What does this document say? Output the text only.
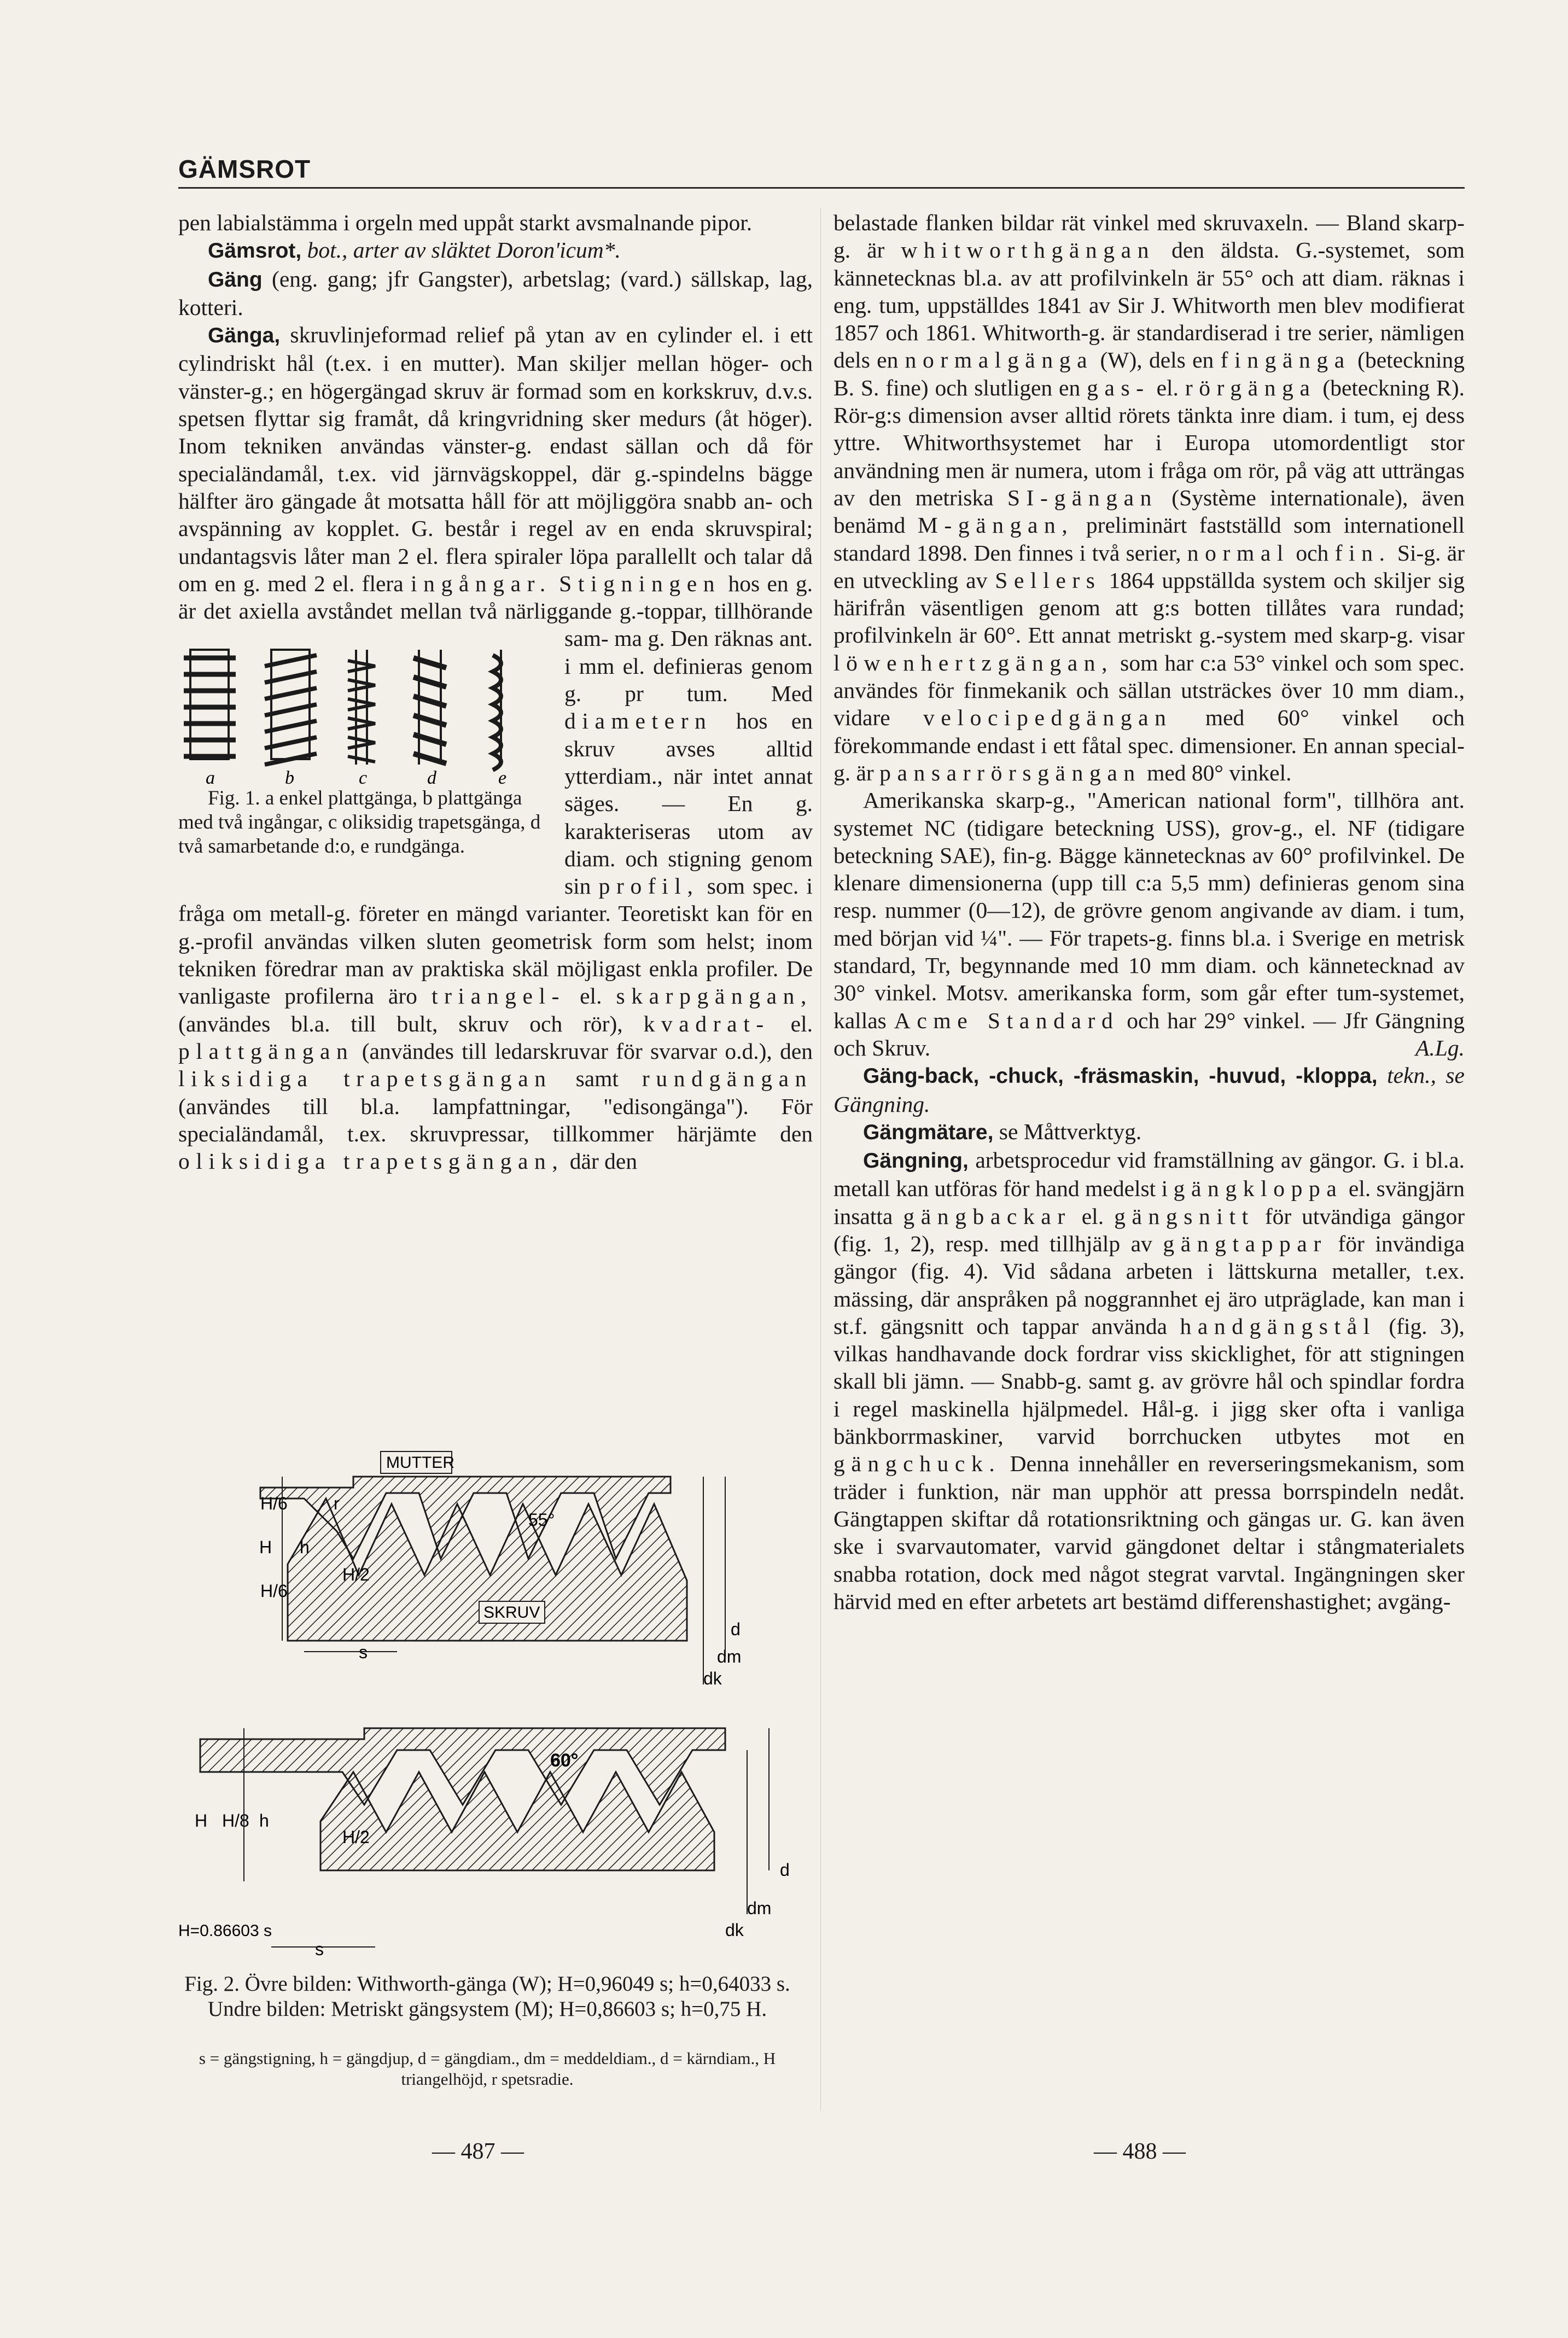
GÄMSROT

pen labialstämma i orgeln med uppåt starkt avsmalnande pipor.

Gämsrot, bot., arter av släktet Doron'icum*.

Gäng (eng. gang; jfr Gangster), arbetslag; (vard.) sällskap, lag, kotteri.

Gänga, skruvlinjeformad relief på ytan av en cylinder el. i ett cylindriskt hål (t.ex. i en mutter). Man skiljer mellan höger- och vänster-g.; en högergängad skruv är formad som en korkskruv, d.v.s. spetsen flyttar sig framåt, då kringvridning sker medurs (åt höger). Inom tekniken användas vänster-g. endast sällan och då för specialändamål, t.ex. vid järnvägskoppel, där g.-spindelns bägge hälfter äro gängade åt motsatta håll för att möjliggöra snabb an- och avspänning av kopplet. G. består i regel av en enda skruvspiral; undantagsvis låter man 2 el. flera spiraler löpa parallellt och talar då om en g. med 2 el. flera ingångar. Stigningen hos en g. är det axiella avståndet mellan två närliggande g.-toppar, tillhörande sam-
a	b	c	d	e
Fig. 1. a enkel plattgänga, b plattgänga med två ingångar, c oliksidig trapetsgänga, d två samarbetande d:o, e rundgänga.
ma g. Den räknas ant. i mm el. definieras genom g. pr tum. Med diametern hos en skruv avses alltid ytterdiam., när intet annat säges. — En g. karakteriseras utom av diam. och stigning genom sin profil, som spec. i fråga om metall-g. företer en mängd varianter. Teoretiskt kan för en g.-profil användas vilken sluten geometrisk form som helst; inom tekniken föredrar man av praktiska skäl möjligast enkla profiler. De vanligaste profilerna äro triangel- el. skarpgängan, (användes bl.a. till bult, skruv och rör), kvadrat- el. plattgängan (användes till ledarskruvar för svarvar o.d.), den liksidiga trapetsgängan samt rundgängan (användes till bl.a. lampfattningar, "edisongänga"). För specialändamål, t.ex. skruvpressar, tillkommer härjämte den oliksidiga trapetsgängan, där den

MUTTER
SKRUV
55°
H h
H/6
H/6
H/2
r
s
d
dm
dk
60°
H H/8 h
H/2
s
d
dm
dk
H=0.86603 s
Fig. 2. Övre bilden: Withworth-gänga (W); H=0,96049 s; h=0,64033 s. Undre bilden: Metriskt gängsystem (M); H=0,86603 s; h=0,75 H.
s = gängstigning, h = gängdjup, d = gängdiam., dm = meddeldiam., d = kärndiam., H triangelhöjd, r spetsradie.

belastade flanken bildar rät vinkel med skruvaxeln. — Bland skarp-g. är whitworthgängan den äldsta. G.-systemet, som kännetecknas bl.a. av att profilvinkeln är 55° och att diam. räknas i eng. tum, uppställdes 1841 av Sir J. Whitworth men blev modifierat 1857 och 1861. Whitworth-g. är standardiserad i tre serier, nämligen dels en normalgänga (W), dels en fingänga (beteckning B. S. fine) och slutligen en gas- el. rörgänga (beteckning R). Rör-g:s dimension avser alltid rörets tänkta inre diam. i tum, ej dess yttre. Whitworthsystemet har i Europa utomordentligt stor användning men är numera, utom i fråga om rör, på väg att utträngas av den metriska SI-gängan (Système internationale), även benämd M-gängan, preliminärt fastställd som internationell standard 1898. Den finnes i två serier, normal och fin. Si-g. är en utveckling av Sellers 1864 uppställda system och skiljer sig härifrån väsentligen genom att g:s botten tillåtes vara rundad; profilvinkeln är 60°. Ett annat metriskt g.-system med skarp-g. visar löwenhertzgängan, som har c:a 53° vinkel och som spec. användes för finmekanik och sällan utsträckes över 10 mm diam., vidare velocipedgängan med 60° vinkel och förekommande endast i ett fåtal spec. dimensioner. En annan special-g. är pansarrörsgängan med 80° vinkel.

Amerikanska skarp-g., "American national form", tillhöra ant. systemet NC (tidigare beteckning USS), grov-g., el. NF (tidigare beteckning SAE), fin-g. Bägge kännetecknas av 60° profilvinkel. De klenare dimensionerna (upp till c:a 5,5 mm) definieras genom sina resp. nummer (0—12), de grövre genom angivande av diam. i tum, med början vid ¼". — För trapets-g. finns bl.a. i Sverige en metrisk standard, Tr, begynnande med 10 mm diam. och kännetecknad av 30° vinkel. Motsv. amerikanska form, som går efter tum-systemet, kallas Acme Standard och har 29° vinkel. — Jfr Gängning och Skruv.	A.Lg.

Gäng-back, -chuck, -fräsmaskin, -huvud, -kloppa, tekn., se Gängning.

Gängmätare, se Måttverktyg.

Gängning, arbetsprocedur vid framställning av gängor. G. i bl.a. metall kan utföras för hand medelst i gängkloppa el. svängjärn insatta gängbackar el. gängsnitt för utvändiga gängor (fig. 1, 2), resp. med tillhjälp av gängtappar för invändiga gängor (fig. 4). Vid sådana arbeten i lättskurna metaller, t.ex. mässing, där anspråken på noggrannhet ej äro utpräglade, kan man i st.f. gängsnitt och tappar använda handgängstål (fig. 3), vilkas handhavande dock fordrar viss skicklighet, för att stigningen skall bli jämn. — Snabb-g. samt g. av grövre hål och spindlar fordra i regel maskinella hjälpmedel. Hål-g. i jigg sker ofta i vanliga bänkborrmaskiner, varvid borrchucken utbytes mot en gängchuck. Denna innehåller en reverseringsmekanism, som träder i funktion, när man upphör att pressa borrspindeln nedåt. Gängtappen skiftar då rotationsriktning och gängas ur. G. kan även ske i svarvautomater, varvid gängdonet deltar i stångmaterialets snabba rotation, dock med något stegrat varvtal. Ingängningen sker härvid med en efter arbetets art bestämd differenshastighet; avgäng-

— 487 —	— 488 —
